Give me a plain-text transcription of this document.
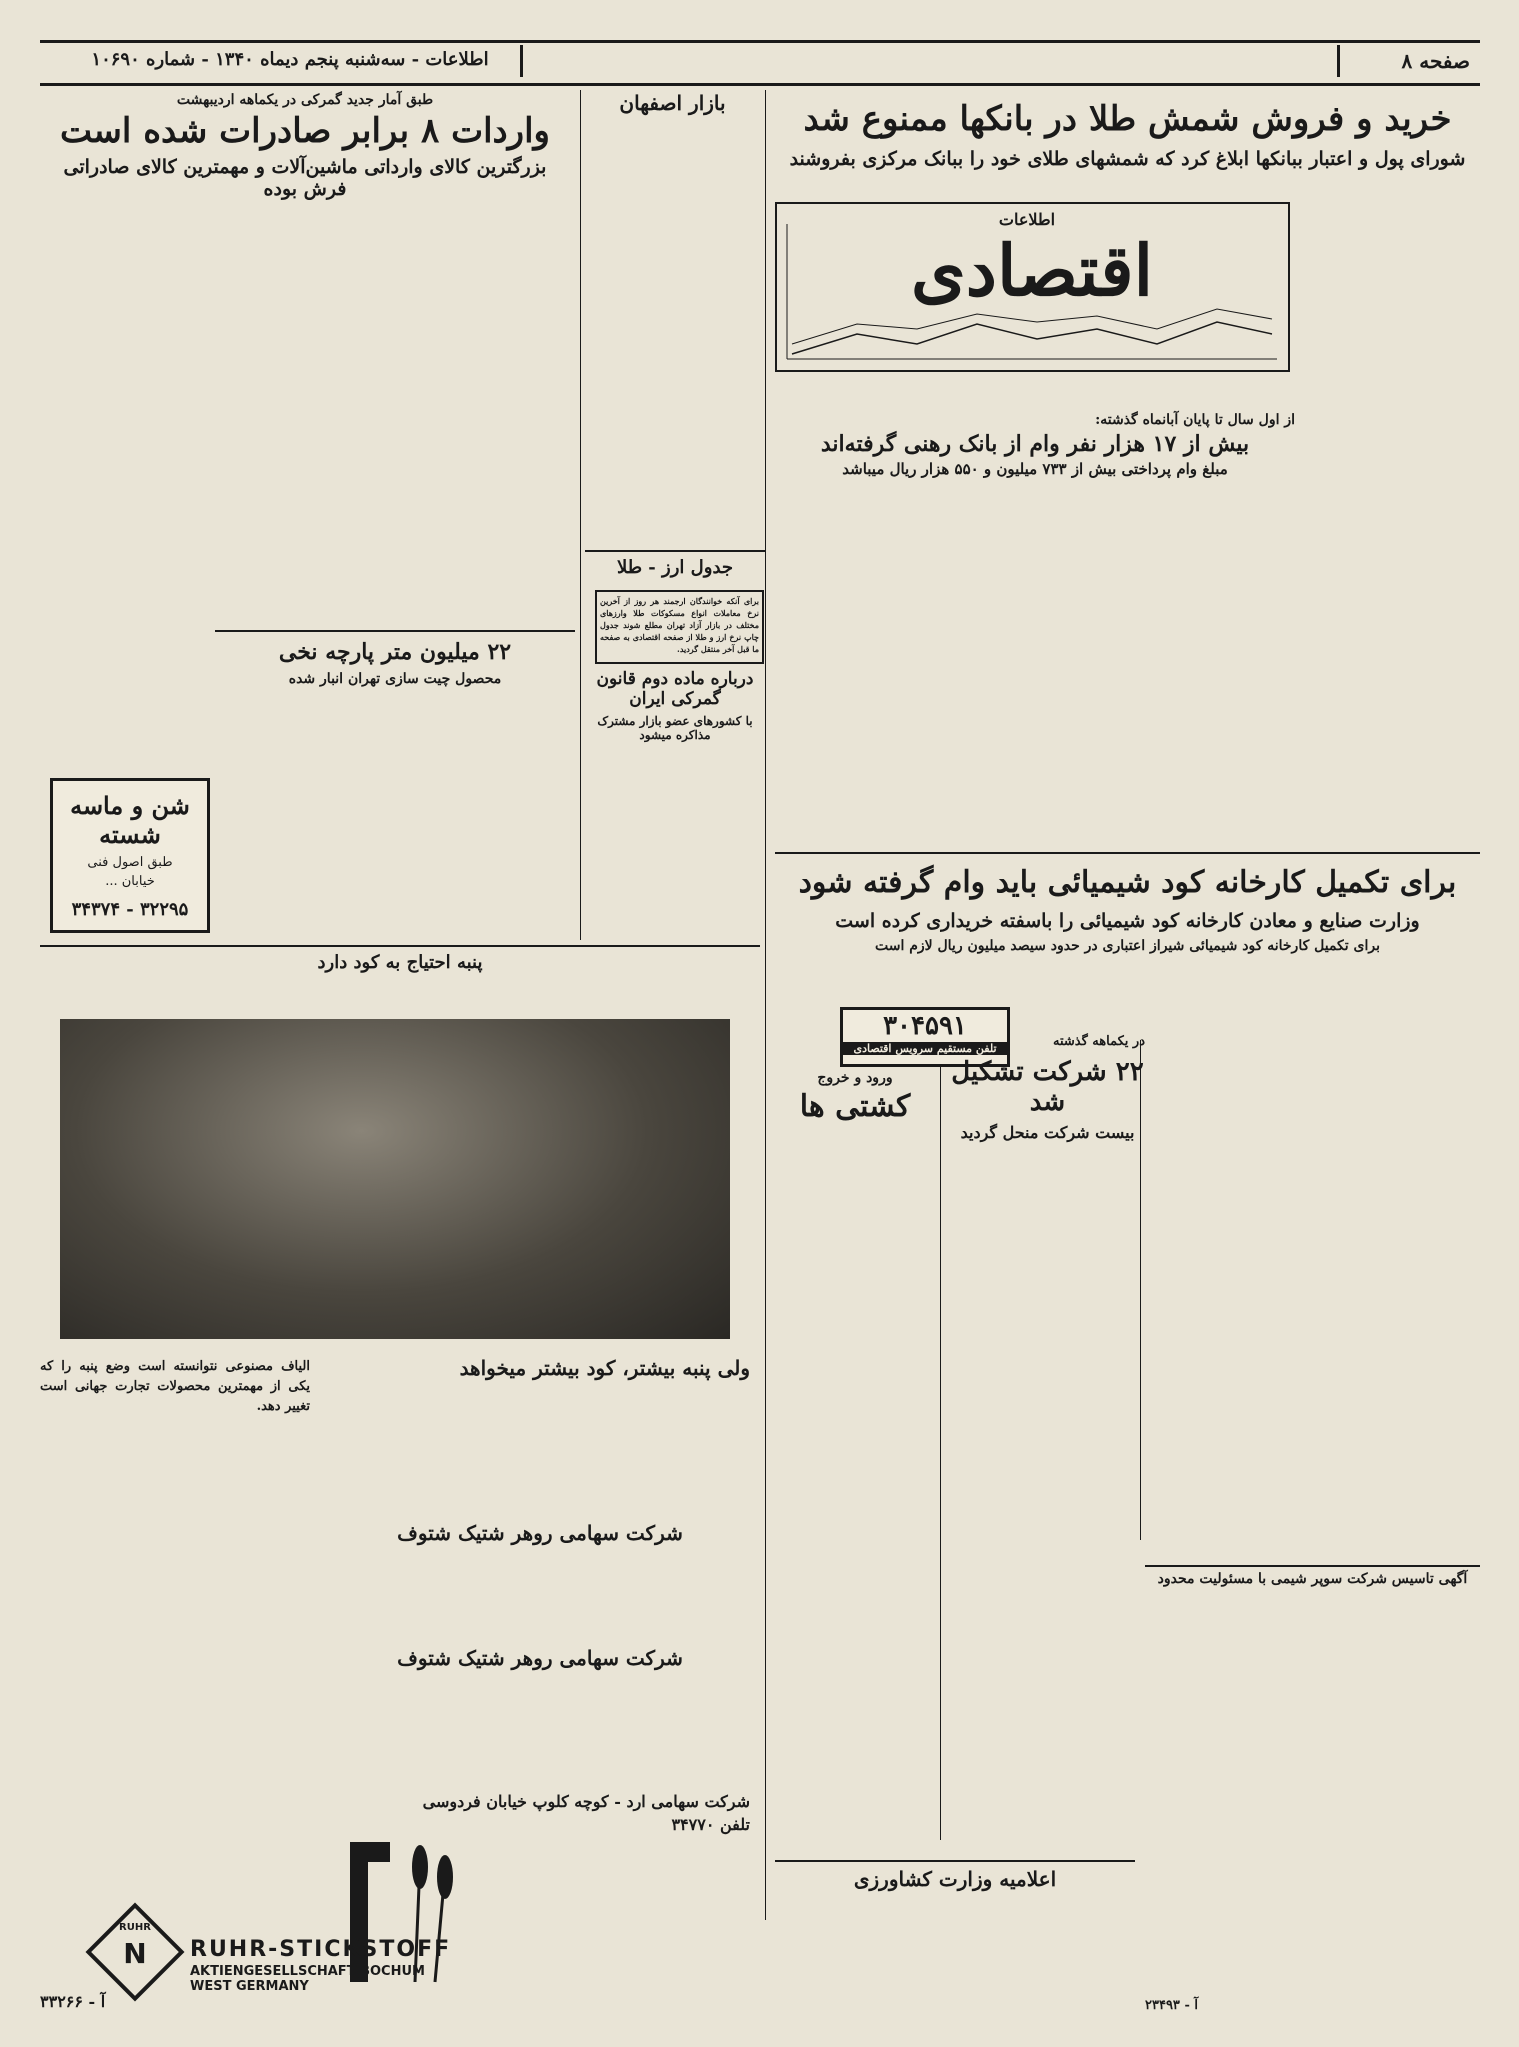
اطلاعات - سه‌شنبه پنجم دیماه ۱۳۴۰ - شماره ۱۰۶۹۰	صفحه ۸
خرید و فروش شمش طلا در بانکها ممنوع شد
شورای پول و اعتبار ببانکها ابلاغ کرد که شمشهای طلای خود را ببانک مرکزی بفروشند
اطلاعات
اقتصادی
از اول سال تا پایان آبانماه گذشته:
بیش از ۱۷ هزار نفر وام از بانک رهنی گرفته‌اند
مبلغ وام پرداختی بیش از ۷۳۳ میلیون و ۵۵۰ هزار ریال میباشد
برای تکمیل کارخانه کود شیمیائی باید وام گرفته شود
وزارت صنایع و معادن کارخانه کود شیمیائی را باسفته خریداری کرده است
برای تکمیل کارخانه کود شیمیائی شیراز اعتباری در حدود سیصد میلیون ریال لازم است
۳۰۴۵۹۱
تلفن مستقیم سرویس اقتصادی	در یکماهه گذشته
۲۲ شرکت تشکیل شد
بیست شرکت منحل گردید
ورود و خروج
کشتی ها
اعلامیه وزارت کشاورزی
آگهی تاسیس شرکت سوپر شیمی با مسئولیت محدود
آ - ۲۳۴۹۳
طبق آمار جدید گمرکی در یکماهه اردیبهشت
واردات ۸ برابر صادرات شده است
بزرگترین کالای وارداتی ماشین‌آلات و مهمترین کالای صادراتی فرش بوده
بازار اصفهان
جدول ارز - طلا
برای آنکه خوانندگان ارجمند هر روز از آخرین نرخ معاملات انواع مسکوکات طلا وارزهای مختلف در بازار آزاد تهران مطلع شوند جدول چاپ نرخ ارز و طلا از صفحه اقتصادی به صفحه ما قبل آخر منتقل گردید.
درباره ماده دوم قانون گمرکی ایران
با کشورهای عضو بازار مشترک مذاکره میشود
۲۲ میلیون متر پارچه نخی
محصول چیت سازی تهران انبار شده
شن و ماسه شسته
طبق اصول فنی
خیابان ...
۳۲۲۹۵ - ۳۴۳۷۴
پنبه احتیاج به کود دارد
ولی پنبه بیشتر، کود بیشتر میخواهد
الیاف مصنوعی نتوانسته است وضع پنبه را که یکی از مهمترین محصولات تجارت جهانی است تغییر دهد.
شرکت سهامی روهر شتیک شتوف
شرکت سهامی روهر شتیک شتوف
شرکت سهامی ارد - کوچه کلوپ خیابان فردوسی
تلفن ۳۴۷۷۰
RUHR
N	RUHR-STICKSTOFF
AKTIENGESELLSCHAFT BOCHUM
WEST GERMANY
آ - ۳۳۲۶۶
